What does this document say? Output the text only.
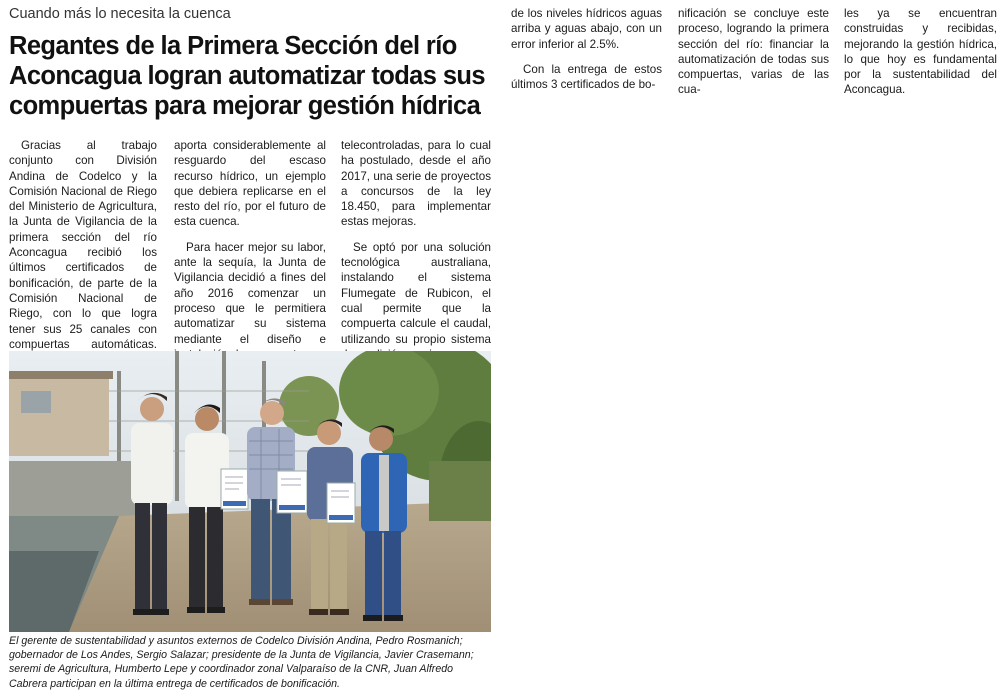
Cuando más lo necesita la cuenca
Regantes de la Primera Sección del río Aconcagua logran automatizar todas sus compuertas para mejorar gestión hídrica

Gracias al trabajo conjunto con División Andina de Codelco y la Comisión Nacional de Riego del Ministerio de Agricultura, la Junta de Vigilancia de la primera sección del río Aconcagua recibió los últimos certificados de bonificación, de parte de la Comisión Nacional de Riego, con lo que logra tener sus 25 canales con compuertas automáticas.

aporta considerablemente al resguardo del escaso recurso hídrico, un ejemplo que debiera replicarse en el resto del río, por el futuro de esta cuenca.

Para hacer mejor su labor, ante la sequía, la Junta de Vigilancia decidió a fines del año 2016 comenzar un proceso que le permitiera automatizar su sistema mediante el diseño e

telecontroladas, para lo cual ha postulado, desde el año 2017, una serie de proyectos a concursos de la ley 18.450, para implementar estas mejoras.

Se optó por una solución tecnológica australiana, instalando el sistema Flumegate de Rubicon, el cual permite que la compuerta calcule el caudal, utilizando su propio sistema

de los niveles hídricos aguas arriba y aguas abajo, con un error inferior al 2.5%.

Con la entrega de estos últimos 3 certificados de bo-

nificación se concluye este proceso, logrando la primera sección del río: financiar la automatización de todas sus compuertas, varias de las cua-

les ya se encuentran construidas y recibidas, mejorando la gestión hídrica, lo que hoy es fundamental por la sustentabilidad del Aconcagua.

El gerente de sustentabilidad y asuntos externos de Codelco División Andina, Pedro Rosmanich; gobernador de Los Andes, Sergio Salazar; presidente de la Junta de Vigilancia, Javier Crasemann; seremi de Agricultura, Humberto Lepe y coordinador zonal Valparaíso de la CNR, Juan Alfredo Cabrera participan en la última entrega de certificados de bonificación.
